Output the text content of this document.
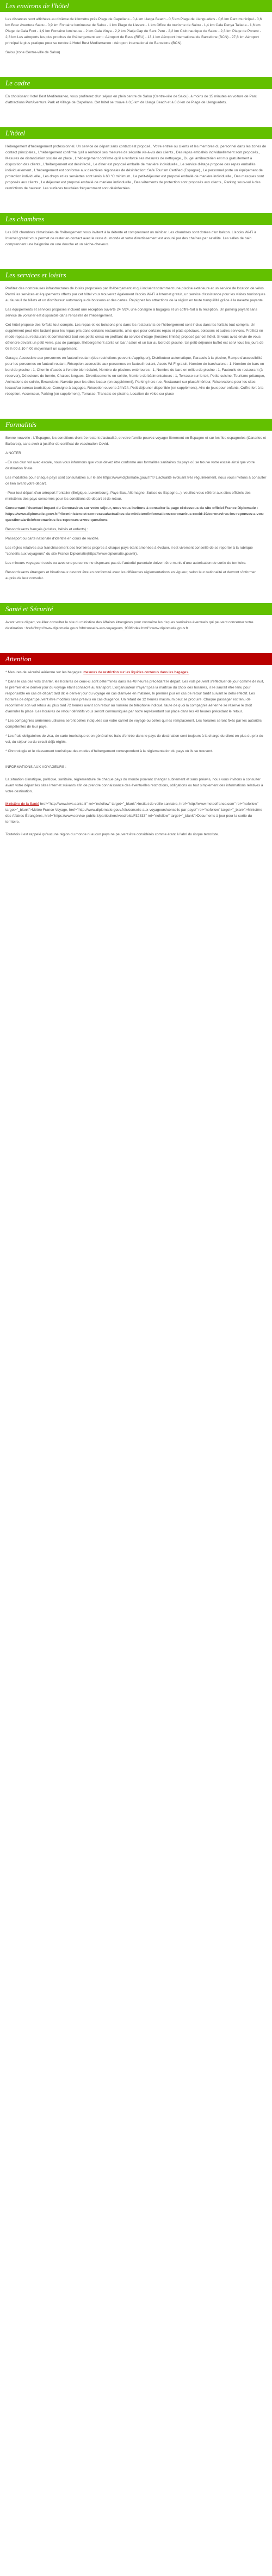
Les environs de l'hôtel

Les distances sont affichées au dixième de kilomètre près Plage de Capellans - 0,4 km Llarga Beach - 0,5 km Plage de Llenguadets - 0,6 km Parc municipal - 0,6 km Bosc Aventura Salou - 0,9 km Fontaine lumineuse de Salou - 1 km Plage de Llevant - 1 km Office du tourisme de Salou - 1,4 km Cala Penya Tallada - 1,6 km Plage de Cala Font - 1,9 km Fontaine lumineuse - 2 km Cala Vinya - 2,2 km Platja Cap de Sant Pere - 2,2 km Club nautique de Salou - 2,3 km Plage de Ponent - 2,3 km Les aéroports les plus proches de l'hébergement sont : Aéroport de Reus (REU) - 13,1 km Aéroport international de Barcelone (BCN) - 97,8 km Aéroport principal le plus pratique pour se rendre à Hotel Best Mediterraneo : Aéroport international de Barcelone (BCN).

Salou (zone Centre-ville de Salou)

Le cadre

En choisissant Hotel Best Mediterraneo, vous profiterez d'un séjour en plein centre de Salou (Centre-ville de Salou), à moins de 15 minutes en voiture de Parc d'attractions PortAventura Park et Village de Capellans. Cet hôtel se trouve à 0,5 km de Llarga Beach et à 0,6 km de Plage de Llenguadets.

L'hôtel

Hébergement d'hébergement professionnel. Un service de départ sans contact est proposé.. Votre entrée ou clients et les membres du personnel dans les zones de contact principales., L'hébergement confirme qu'il a renforcé ses mesures de sécurité vis-à-vis des clients., Des repas emballés individuellement sont proposés., Mesures de distanciation sociale en place., L'hébergement confirme qu'il a renforcé ses mesures de nettoyage., Du gel antibactérien est mis gratuitement à disposition des clients., L'hébergement est désinfecté., Le dîner est proposé emballé de manière individuelle., Le service d'étage propose des repas emballés individuellement., L'hébergement est conforme aux directives régionales de désinfection: Safe Tourism Certified (Espagne)., Le personnel porte un équipement de protection individuelle., Les draps et les serviettes sont lavés à 60 °C minimum., Le petit-déjeuner est proposé emballé de manière individuelle., Des masques sont proposés aux clients., Le déjeuner est proposé emballé de manière individuelle., Des vêtements de protection sont proposés aux clients., Parking sous-sol à des restrictions de hauteur. Les surfaces touchées fréquemment sont désinfectées.

Les chambres

Les 263 chambres climatisées de l'hébergement vous invitent à la détente et comprennent un minibar. Les chambres sont dotées d'un balcon. L'accès Wi-Fi à Internet gratuit vous permet de rester en contact avec le reste du monde et votre divertissement est assuré par des chaînes par satellite. Les salles de bain comprennent une baignoire ou une douche et un sèche-cheveux.

Les services et loisirs

Profitez des nombreuses infrastructures de loisirs proposées par l'hébergement et qui incluent notamment une piscine extérieure et un service de location de vélos. Parmi les services et équipements offerts par cet hôtel vous trouverez également l'accès Wi-Fi à Internet gratuit, un service d'assistance pour les visites touristiques au fauteuil de billets et un distributeur automatique de boissons et des cartes. Rejoignez les attractions de la région en toute tranquillité grâce à la navette payante.

Les équipements et services proposés incluent une réception ouverte 24 h/24, une consigne à bagages et un coffre-fort à la réception. Un parking payant sans service de voiturier est disponible dans l'enceinte de l'hébergement.

Cet hôtel propose des forfaits tout compris. Les repas et les boissons pris dans les restaurants de l'hébergement sont inclus dans les forfaits tout compris. Un supplément peut être facturé pour les repas pris dans certains restaurants, ainsi que pour certains repas et plats spéciaux, boissons et autres services. Profitez en mode repas au restaurant et commandez tout vos petits creux en profitant du service d'étage (horaires limités) proposé par cet hôtel. Si vous avez envie de vous détendre devant un petit verre, pas de panique, l'hébergement abrite un bar / salon et un bar au bord de piscine. Un petit-déjeuner buffet est servi tous les jours de 08 h 00 à 10 h 00 moyennant un supplément.

Garage, Accessible aux personnes en fauteuil roulant (des restrictions peuvent s'appliquer), Distributeur automatique, Parasols à la piscine, Rampe d'accessibilité pour les personnes en fauteuil roulant, Réception accessible aux personnes en fauteuil roulant, Accès Wi-Fi gratuit, Nombre de bars/salons : 1, Nombre de bars en bord de piscine : 1, Chemin d'accès à l'entrée bien éclairé, Nombre de piscines extérieures : 1, Nombre de bars en milieu de piscine : 1, Fauteuils de restaurant (à réserver), Détecteurs de fumée, Chaises longues, Divertissements en soirée, Nombre de bâtiments/tours : 1, Terrasse sur le toit, Petite cuisine, Tourisme pétanque, Animations de soirée, Excursions, Navette pour les sites locaux (en supplément), Parking hors rue, Restaurant sur place/intérieur, Réservations pour les sites locaux/au bureau touristique, Consigne à bagages, Réception ouverte 24h/24, Petit-déjeuner disponible (en supplément), Aire de jeux pour enfants, Coffre-fort à la réception, Ascenseur, Parking (en supplément), Terrasse, Transats de piscine, Location de vélos sur place

Formalités

Bonne nouvelle : L'Espagne, les conditions d'entrée restent d'actualité, et votre famille pouvez voyager librement en Espagne et sur les îles espagnoles (Canaries et Baléares), sans avoir à justifier de certificat de vaccination Covid.

A NOTER

- En cas d'un vol avec escale, nous vous informons que vous devez être conforme aux formalités sanitaires du pays où se trouve votre escale ainsi que votre destination finale.

Les modalités pour chaque pays sont consultables sur le site https://www.diplomatie.gouv.fr/fr/ L'actualité évoluant très régulièrement, nous vous invitons à consulter ce lien avant votre départ.

- Pour tout départ d'un aéroport frontalier (Belgique, Luxembourg, Pays-Bas, Allemagne, Suisse ou Espagne...), veuillez vous référer aux sites officiels des ministères des pays concernés pour les conditions de départ et de retour.

Concernant l'éventuel impact du Coronavirus sur votre séjour, nous vous invitons à consulter la page ci-dessous du site officiel France Diplomatie : https://www.diplomatie.gouv.fr/fr/le-ministere-et-son-reseau/actualites-du-ministere/informations-coronavirus-covid-19/coronavirus-les-reponses-a-vos-questions/article/coronavirus-les-reponses-a-vos-questions

Ressortissants français (adultes, bébés et enfants) :

Passeport ou carte nationale d'identité en cours de validité.

Les règles relatives aux franchissement des frontières propres à chaque pays étant amenées à évoluer, il est vivement conseillé de se reporter à la rubrique "conseils aux voyageurs" du site France Diplomatie(https://www.diplomatie.gouv.fr).

Les mineurs voyageant seuls ou avec une personne ne disposant pas de l'autorité parentale doivent être munis d'une autorisation de sortie de territoire.

Ressortissants étrangers et binationaux devront être en conformité avec les différentes réglementations en vigueur, selon leur nationalité et devront s'informer auprès de leur consulat.

Santé et Sécurité

Avant votre départ, veuillez consulter le site du ministère des Affaires étrangères pour connaître les risques sanitaires éventuels qui peuvent concerner votre destination : href="http://www.diplomatie.gouv.fr/fr/conseils-aux-voyageurs_909/index.html">www.diplomatie.gouv.fr

Attention

* Mesures de sécurité aérienne sur les bagages: mesures de restriction sur les liquides contenus dans les bagages.

* Dans le cas des vols charter, les horaires de ceux-ci sont déterminés dans les 48 heures précédant le départ. Les vols peuvent s'effectuer de jour comme de nuit, le premier et le dernier jour du voyage étant consacré au transport. L'organisateur n'ayant pas la maîtrise du choix des horaires, il se saurait être tenu pour responsable en cas de départ tard dit le dernier jour du voyage en cas d'arrivée en matinée, le premier jour en cas de retour tardif suivant le délai effectif. Les horaires de départ peuvent être modifiés sans préavis en cas d'urgence. Un retard de 12 heures maximum peut se produire. Chaque passager est tenu de reconfirmer son vol retour au plus tard 72 heures avant son retour au numéro de téléphone indiqué, faute de quoi la compagnie aérienne se réserve le droit d'annuler la place. Les horaires de retour définitifs vous seront communiqués par notre représentant sur place dans les 48 heures précédant le retour.

* Les compagnies aériennes utilisées seront celles indiquées sur votre carnet de voyage ou celles qui les remplaceront. Les horaires seront fixés par les autorités compétentes de leur pays.

* Les frais obligatoires de visa, de carte touristique et en général les frais d'entrée dans le pays de destination sont toujours à la charge du client en plus du prix du voi, du séjour ou du circuit déjà réglés.

* Chronologie et le classement touristique des modes d'hébergement correspondent à la réglementation du pays où ils se trouvent.

INFORMATIONS AUX VOYAGEURS :

La situation climatique, politique, sanitaire, réglementaire de chaque pays du monde pouvant changer subitement et sans préavis, nous vous invitons à consulter avant votre départ les sites Internet suivants afin de prendre connaissance des éventuelles restrictions, obligations ou tout simplement des informations relatives à votre destination.

Ministère de la Santé href="http://www.invs.sante.fr" rel="nofollow" target="_blank">Institut de veille sanitaire, href="http://www.meteofrance.com" rel="nofollow" target="_blank">Météo France Voyage, href="http://www.diplomatie.gouv.fr/fr/conseils-aux-voyageurs/conseils-par-pays/" rel="nofollow" target="_blank">Ministère des Affaires Étrangères, href="https://www.service-public.fr/particuliers/vosdroits/F32833" rel="nofollow" target="_blank">Documents à jour pour la sortie du territoire.

Toutefois il est rappelé qu'aucune région du monde ni aucun pays ne peuvent être considérés comme étant à l'abri du risque terroriste.
